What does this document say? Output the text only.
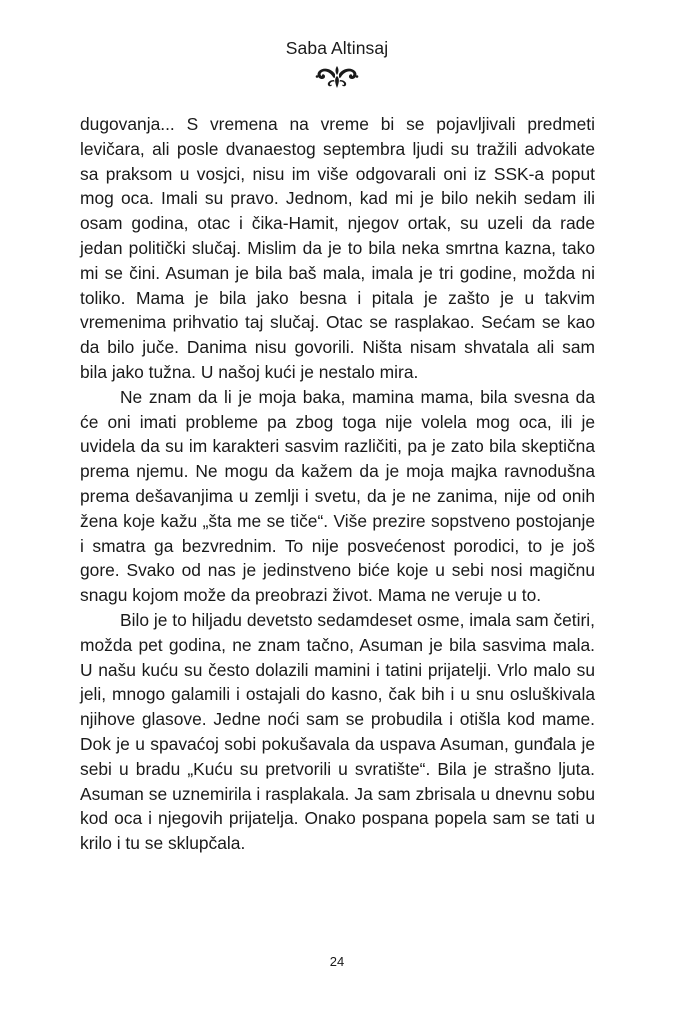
Saba Altinsaj

dugovanja... S vremena na vreme bi se pojavljivali predmeti levičara, ali posle dvanaestog septembra ljudi su tražili advokate sa praksom u vosjci, nisu im više odgovarali oni iz SSK-a poput mog oca. Imali su pravo. Jednom, kad mi je bilo nekih sedam ili osam godina, otac i čika-Hamit, njegov ortak, su uzeli da rade jedan politički slučaj. Mislim da je to bila neka smrtna kazna, tako mi se čini. Asuman je bila baš mala, imala je tri godine, možda ni toliko. Mama je bila jako besna i pitala je zašto je u takvim vremenima prihvatio taj slučaj. Otac se rasplakao. Sećam se kao da bilo juče. Danima nisu govorili. Ništa nisam shvatala ali sam bila jako tužna. U našoj kući je nestalo mira.

Ne znam da li je moja baka, mamina mama, bila svesna da će oni imati probleme pa zbog toga nije volela mog oca, ili je uvidela da su im karakteri sasvim različiti, pa je zato bila skeptična prema njemu. Ne mogu da kažem da je moja majka ravnodušna prema dešavanjima u zemlji i svetu, da je ne zanima, nije od onih žena koje kažu „šta me se tiče“. Više prezire sopstveno postojanje i smatra ga bezvrednim. To nije posvećenost porodici, to je još gore. Svako od nas je jedinstveno biće koje u sebi nosi magičnu snagu kojom može da preobrazi život. Mama ne veruje u to.

Bilo je to hiljadu devetsto sedamdeset osme, imala sam četiri, možda pet godina, ne znam tačno, Asuman je bila sasvima mala. U našu kuću su često dolazili mamini i tatini prijatelji. Vrlo malo su jeli, mnogo galamili i ostajali do kasno, čak bih i u snu osluškivala njihove glasove. Jedne noći sam se probudila i otišla kod mame. Dok je u spavaćoj sobi pokušavala da uspava Asuman, gunđala je sebi u bradu „Kuću su pretvorili u svratište“. Bila je strašno ljuta. Asuman se uznemirila i rasplakala. Ja sam zbrisala u dnevnu sobu kod oca i njegovih prijatelja. Onako pospana popela sam se tati u krilo i tu se sklupčala.

24
